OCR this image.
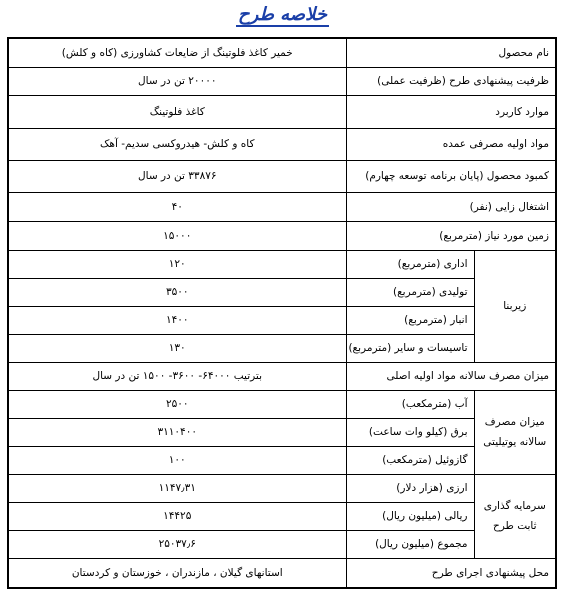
خلاصه طرح
نام محصول		خمیر کاغذ فلوتینگ از ضایعات کشاورزی (کاه و کلش)
ظرفیت پیشنهادی طرح (ظرفیت عملی)		۲۰۰۰۰ تن در سال
موارد کاربرد		کاغذ فلوتینگ
مواد اولیه مصرفی عمده		کاه و کلش- هیدروکسی سدیم- آهک
کمبود محصول (پایان برنامه توسعه چهارم)		۳۳۸۷۶ تن در سال
اشتغال زایی (نفر)		۴۰
زمین مورد نیاز (مترمربع)		۱۵۰۰۰
زیربنا	اداری (مترمربع)	۱۲۰
	تولیدی (مترمربع)	۳۵۰۰
	انبار (مترمربع)	۱۴۰۰
	تاسیسات و سایر (مترمربع)	۱۳۰
میزان مصرف سالانه مواد اولیه اصلی		بترتیب ۶۴۰۰۰- ۳۶۰۰- ۱۵۰۰ تن در سال
میزان مصرف سالانه یوتیلیتی	آب (مترمکعب)	۲۵۰۰
	برق (کیلو وات ساعت)	۳۱۱۰۴۰۰
	گازوئیل (مترمکعب)	۱۰۰
سرمایه گذاری ثابت طرح	ارزی (هزار دلار)	۱۱۴۷٫۳۱
	ریالی (میلیون ریال)	۱۴۴۲۵
	مجموع (میلیون ریال)	۲۵۰۳۷٫۶
محل پیشنهادی اجرای طرح		استانهای گیلان ، مازندران ، خوزستان و کردستان
